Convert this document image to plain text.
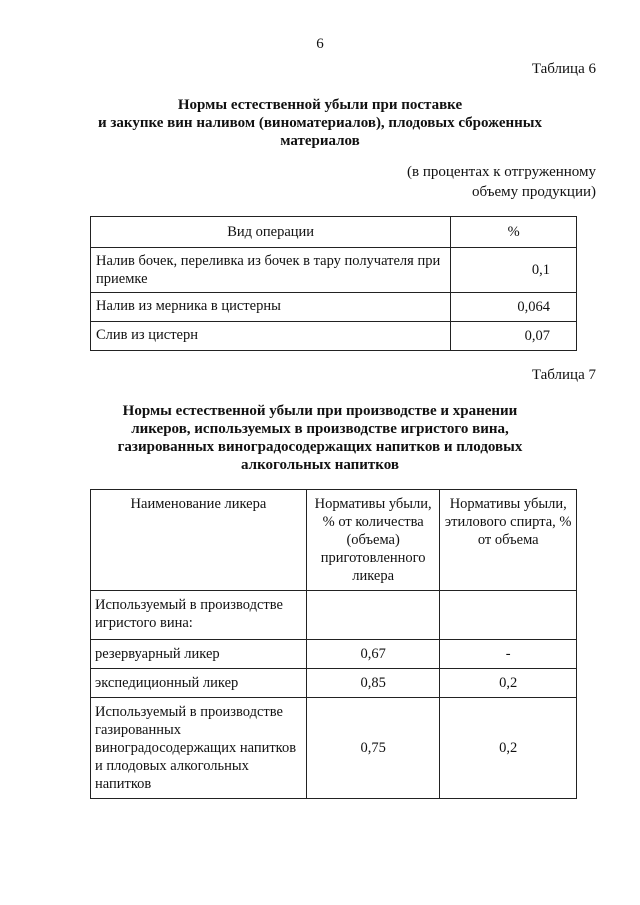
6
Таблица 6
Нормы естественной убыли при поставке
и закупке вин наливом (виноматериалов), плодовых сброженных
материалов
(в процентах к отгруженному
объему продукции)
Вид операции	%
Налив бочек, переливка из бочек в тару получателя при приемке	0,1
Налив из мерника в цистерны	0,064
Слив из цистерн	0,07
Таблица 7
Нормы естественной убыли при производстве и хранении
ликеров, используемых в производстве игристого вина,
газированных виноградосодержащих напитков и плодовых
алкогольных напитков
Наименование ликера	Нормативы убыли, % от количества (объема) приготовленного ликера	Нормативы убыли, этилового спирта, % от объема
Используемый в производстве игристого вина:		
резервуарный ликер	0,67	-
экспедиционный ликер	0,85	0,2
Используемый в производстве газированных виноградосодержащих напитков и плодовых алкогольных напитков	0,75	0,2
